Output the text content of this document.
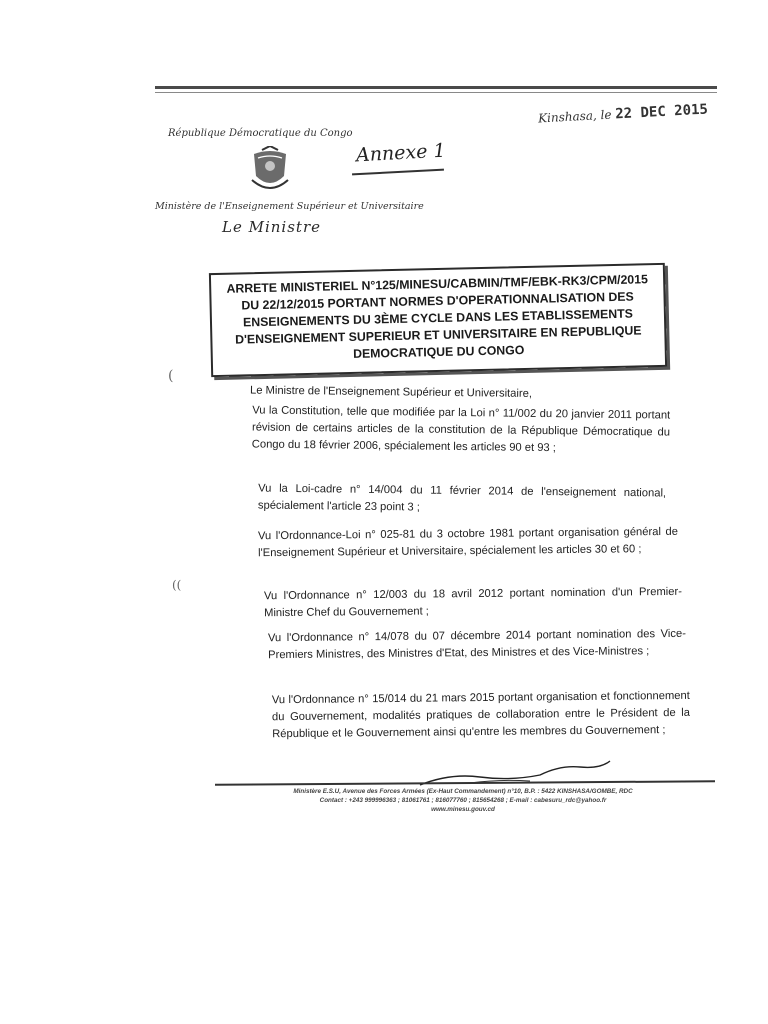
République Démocratique du Congo
Ministère de l'Enseignement Supérieur et Universitaire
Le Ministre
Annexe 1
Kinshasa, le 22 DEC 2015
ARRETE MINISTERIEL N°125/MINESU/CABMIN/TMF/EBK-RK3/CPM/2015
DU 22/12/2015 PORTANT NORMES D'OPERATIONNALISATION DES
ENSEIGNEMENTS DU 3ÈME CYCLE DANS LES ETABLISSEMENTS
D'ENSEIGNEMENT SUPERIEUR ET UNIVERSITAIRE EN REPUBLIQUE
DEMOCRATIQUE DU CONGO
(
((
Le Ministre de l'Enseignement Supérieur et Universitaire,
Vu la Constitution, telle que modifiée par la Loi n° 11/002 du 20 janvier 2011 portant révision de certains articles de la constitution de la République Démocratique du Congo du 18 février 2006, spécialement les articles 90 et 93 ;
Vu la Loi-cadre n° 14/004 du 11 février 2014 de l'enseignement national, spécialement l'article 23 point 3 ;
Vu l'Ordonnance-Loi n° 025-81 du 3 octobre 1981 portant organisation général de l'Enseignement Supérieur et Universitaire, spécialement les articles 30 et 60 ;
Vu l'Ordonnance n° 12/003 du 18 avril 2012 portant nomination d'un Premier-Ministre Chef du Gouvernement ;
Vu l'Ordonnance n° 14/078 du 07 décembre 2014 portant nomination des Vice-Premiers Ministres, des Ministres d'Etat, des Ministres et des Vice-Ministres ;
Vu l'Ordonnance n° 15/014 du 21 mars 2015 portant organisation et fonctionnement du Gouvernement, modalités pratiques de collaboration entre le Président de la République et le Gouvernement ainsi qu'entre les membres du Gouvernement ;
Ministère E.S.U, Avenue des Forces Armées (Ex-Haut Commandement) n°10, B.P. : 5422 KINSHASA/GOMBE, RDC
Contact : +243 999996363 ; 81061761 ; 816077760 ; 815654268 ; E-mail : cabesuru_rdc@yahoo.fr
www.minesu.gouv.cd
